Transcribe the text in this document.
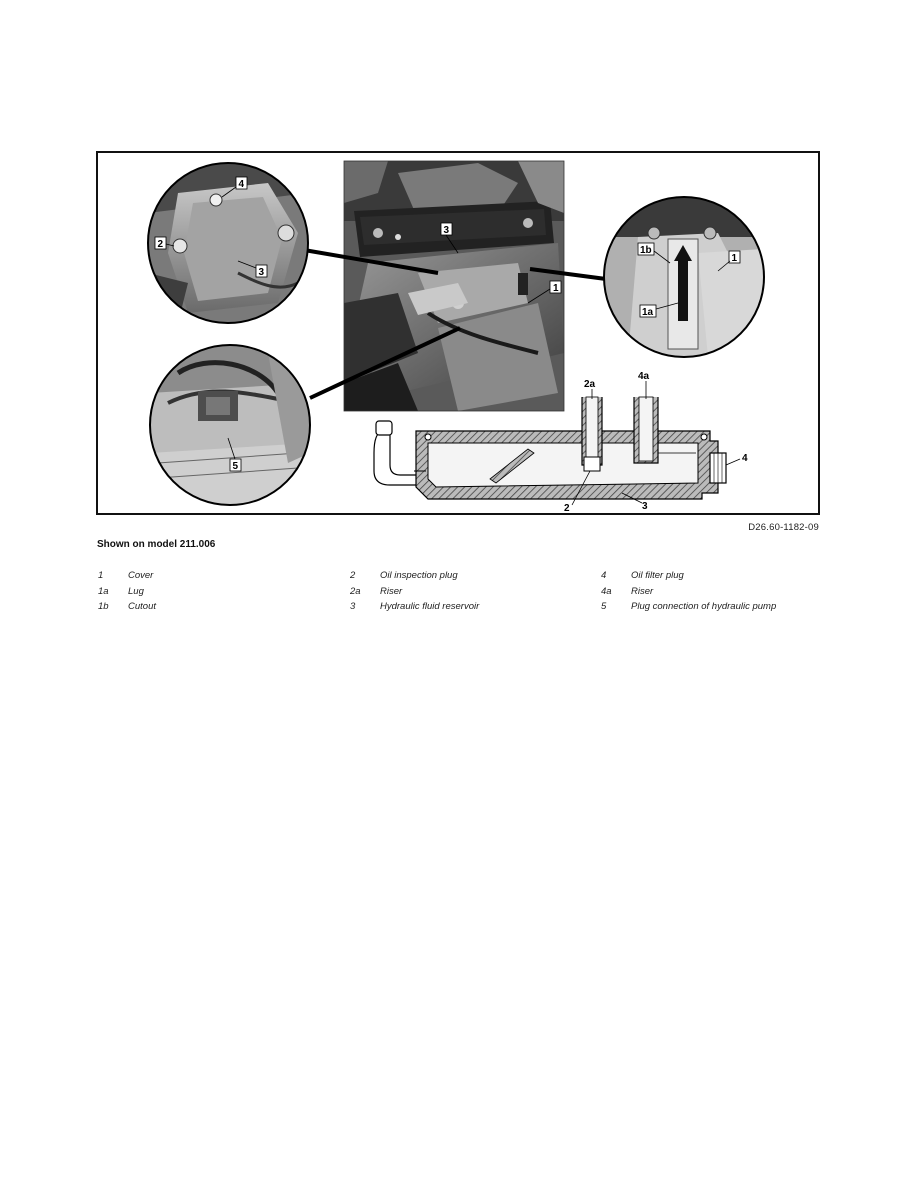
3
1
4
2
3
5
1b
1
1a
2a
4a
4
2	3
D26.60-1182-09
Shown on model 211.006
1	Cover
1a	Lug
1b	Cutout
2	Oil inspection plug
2a	Riser
3	Hydraulic fluid reservoir
4	Oil filter plug
4a	Riser
5	Plug connection of hydraulic pump
